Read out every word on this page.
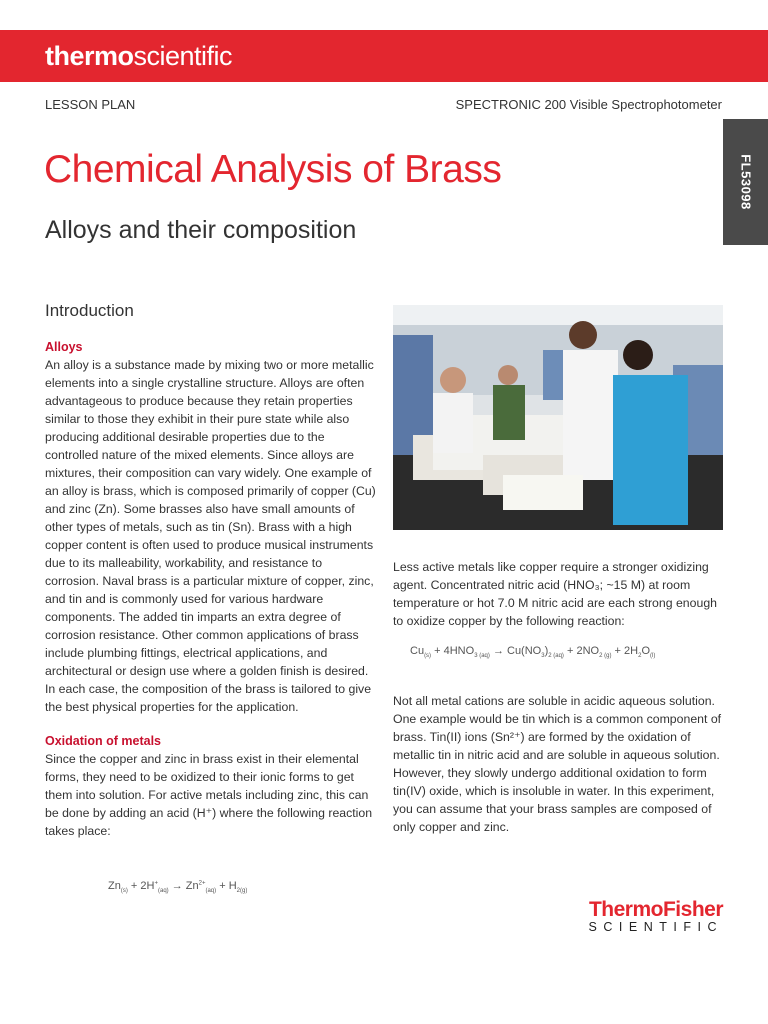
thermoscientific
LESSON PLAN	SPECTRONIC 200 Visible Spectrophotometer
FL53098
Chemical Analysis of Brass
Alloys and their composition
Introduction
Alloys

An alloy is a substance made by mixing two or more metallic elements into a single crystalline structure. Alloys are often advantageous to produce because they retain properties similar to those they exhibit in their pure state while also producing additional desirable properties due to the controlled nature of the mixed elements. Since alloys are mixtures, their composition can vary widely. One example of an alloy is brass, which is composed primarily of copper (Cu) and zinc (Zn). Some brasses also have small amounts of other types of metals, such as tin (Sn). Brass with a high copper content is often used to produce musical instruments due to its malleability, workability, and resistance to corrosion. Naval brass is a particular mixture of copper, zinc, and tin and is commonly used for various hardware components. The added tin imparts an extra degree of corrosion resistance. Other common applications of brass include plumbing fittings, electrical applications, and architectural or design use where a golden finish is desired. In each case, the composition of the brass is tailored to give the best physical properties for the application.

Oxidation of metals

Since the copper and zinc in brass exist in their elemental forms, they need to be oxidized to their ionic forms to get them into solution. For active metals including zinc, this can be done by adding an acid (H⁺) where the following reaction takes place:

$Zn_{(s)} + 2H^+_{(aq)} \to Zn^{2+}_{(aq)} + H_{2(g)}$

Less active metals like copper require a stronger oxidizing agent. Concentrated nitric acid (HNO₃; ~15 M) at room temperature or hot 7.0 M nitric acid are each strong enough to oxidize copper by the following reaction:

Not all metal cations are soluble in acidic aqueous solution. One example would be tin which is a common component of brass. Tin(II) ions (Sn²⁺) are formed by the oxidation of metallic tin in nitric acid and are soluble in aqueous solution. However, they slowly undergo additional oxidation to form tin(IV) oxide, which is insoluble in water. In this experiment, you can assume that your brass samples are composed of only copper and zinc.

$Cu_{(s)} + 4HNO_{3 (aq)} \to Cu(NO_3)_{2 (aq)} + 2NO_{2 (g)} + 2H_2O_{(l)}$
ThermoFisher
SCIENTIFIC
